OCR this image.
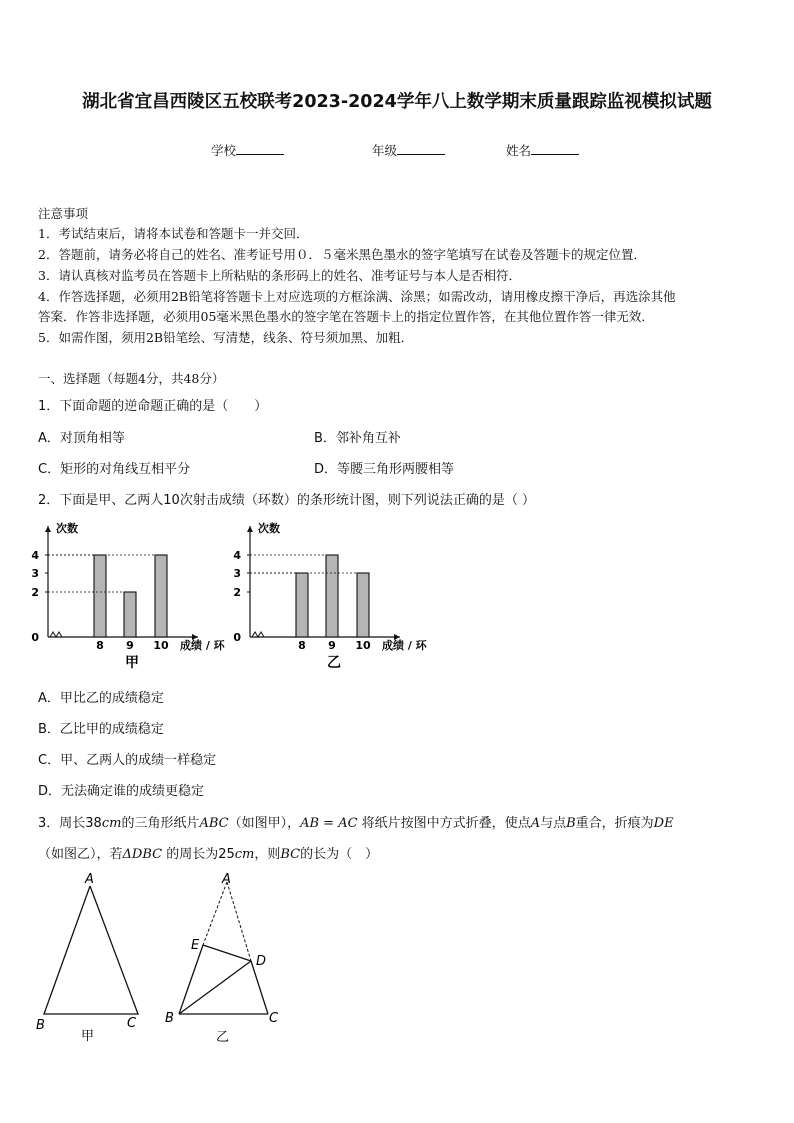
湖北省宜昌西陵区五校联考2023-2024学年八上数学期末质量跟踪监视模拟试题
学校	年级	姓名
注意事项
1．考试结束后，请将本试卷和答题卡一并交回．
2．答题前，请务必将自己的姓名、准考证号用０．５毫米黑色墨水的签字笔填写在试卷及答题卡的规定位置．
3．请认真核对监考员在答题卡上所粘贴的条形码上的姓名、准考证号与本人是否相符．
4．作答选择题，必须用2B铅笔将答题卡上对应选项的方框涂满、涂黑；如需改动，请用橡皮擦干净后，再选涂其他
答案．作答非选择题，必须用05毫米黑色墨水的签字笔在答题卡上的指定位置作答，在其他位置作答一律无效．
5．如需作图，须用2B铅笔绘、写清楚，线条、符号须加黑、加粗．
一、选择题（每题4分，共48分）
1．下面命题的逆命题正确的是（　　）
A．对顶角相等	B．邻补角互补
C．矩形的对角线互相平分	D．等腰三角形两腰相等
2．下面是甲、乙两人10次射击成绩（环数）的条形统计图，则下列说法正确的是（ ）
次数
0
2
3
4
8 9 10 成绩 / 环
甲
次数
0
2
3
4
8 9 10 成绩 / 环
乙
A．甲比乙的成绩稳定
B．乙比甲的成绩稳定
C．甲、乙两人的成绩一样稳定
D．无法确定谁的成绩更稳定
3．周长38cm的三角形纸片ABC（如图甲），AB = AC 将纸片按图中方式折叠，使点A与点B重合，折痕为DE
（如图乙），若ΔDBC 的周长为25cm，则BC的长为（　）
A
B	C
甲
A
E
D
B	C
乙
